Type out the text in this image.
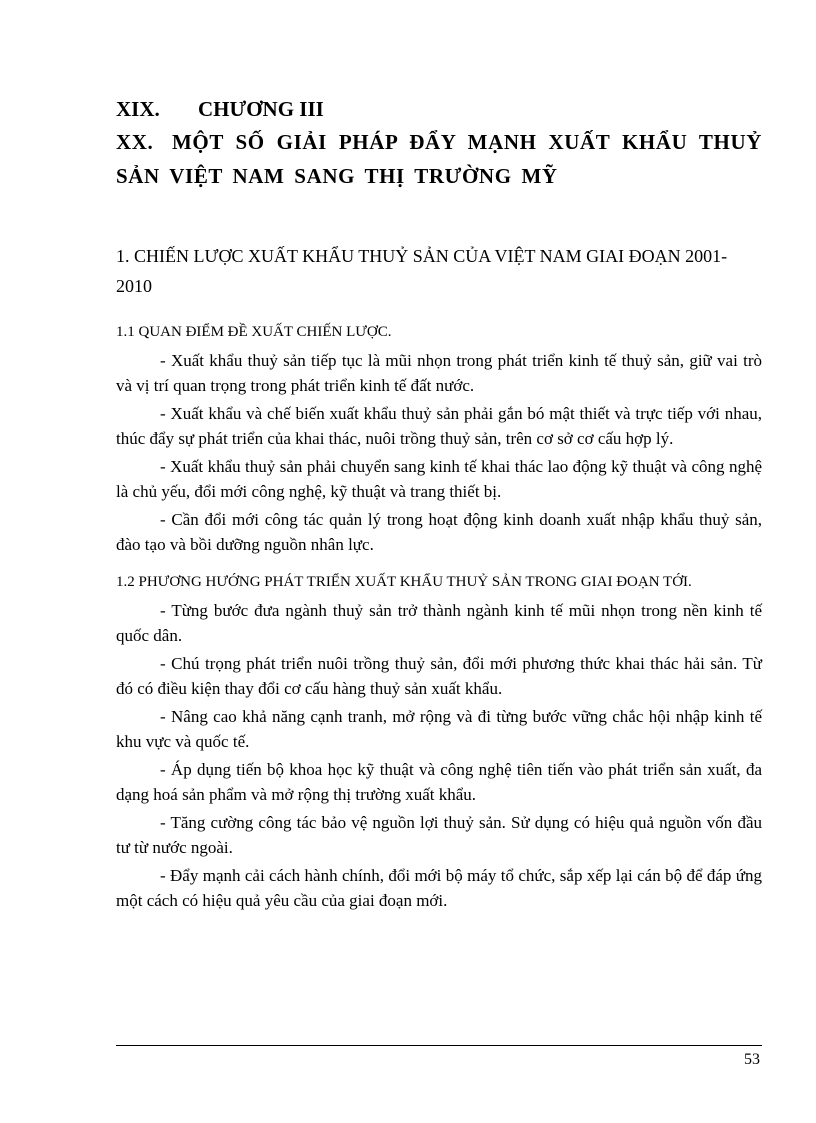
XIX. CHƯƠNG III
XX. MỘT SỐ GIẢI PHÁP ĐẨY MẠNH XUẤT KHẨU THUỶ SẢN VIỆT NAM SANG THỊ TRƯỜNG MỸ
1. CHIẾN LƯỢC XUẤT KHẨU THUỶ SẢN CỦA VIỆT NAM GIAI ĐOẠN 2001-2010
1.1 QUAN ĐIỂM ĐỀ XUẤT CHIẾN LƯỢC.

- Xuất khẩu thuỷ sản tiếp tục là mũi nhọn trong phát triển kinh tế thuỷ sản, giữ vai trò và vị trí quan trọng trong phát triển kinh tế đất nước.

- Xuất khẩu và chế biến xuất khẩu thuỷ sản phải gắn bó mật thiết và trực tiếp với nhau, thúc đẩy sự phát triển của khai thác, nuôi trồng thuỷ sản, trên cơ sở cơ cấu hợp lý.

- Xuất khẩu thuỷ sản phải chuyển sang kinh tế khai thác lao động kỹ thuật và công nghệ là chủ yếu, đổi mới công nghệ, kỹ thuật và trang thiết bị.

- Cần đổi mới công tác quản lý trong hoạt động kinh doanh xuất nhập khẩu thuỷ sản, đào tạo và bồi dưỡng nguồn nhân lực.

1.2 PHƯƠNG HƯỚNG PHÁT TRIỂN XUẤT KHẨU THUỶ SẢN TRONG GIAI ĐOẠN TỚI.

- Từng bước đưa ngành thuỷ sản trở thành ngành kinh tế mũi nhọn trong nền kinh tế quốc dân.

- Chú trọng phát triển nuôi trồng thuỷ sản, đổi mới phương thức khai thác hải sản. Từ đó có điều kiện thay đổi cơ cấu hàng thuỷ sản xuất khẩu.

- Nâng cao khả năng cạnh tranh, mở rộng và đi từng bước vững chắc hội nhập kinh tế khu vực và quốc tế.

- Áp dụng tiến bộ khoa học kỹ thuật và công nghệ tiên tiến vào phát triển sản xuất, đa dạng hoá sản phẩm và mở rộng thị trường xuất khẩu.

- Tăng cường công tác bảo vệ nguồn lợi thuỷ sản. Sử dụng có hiệu quả nguồn vốn đầu tư từ nước ngoài.

- Đẩy mạnh cải cách hành chính, đổi mới bộ máy tổ chức, sắp xếp lại cán bộ để đáp ứng một cách có hiệu quả yêu cầu của giai đoạn mới.

53
